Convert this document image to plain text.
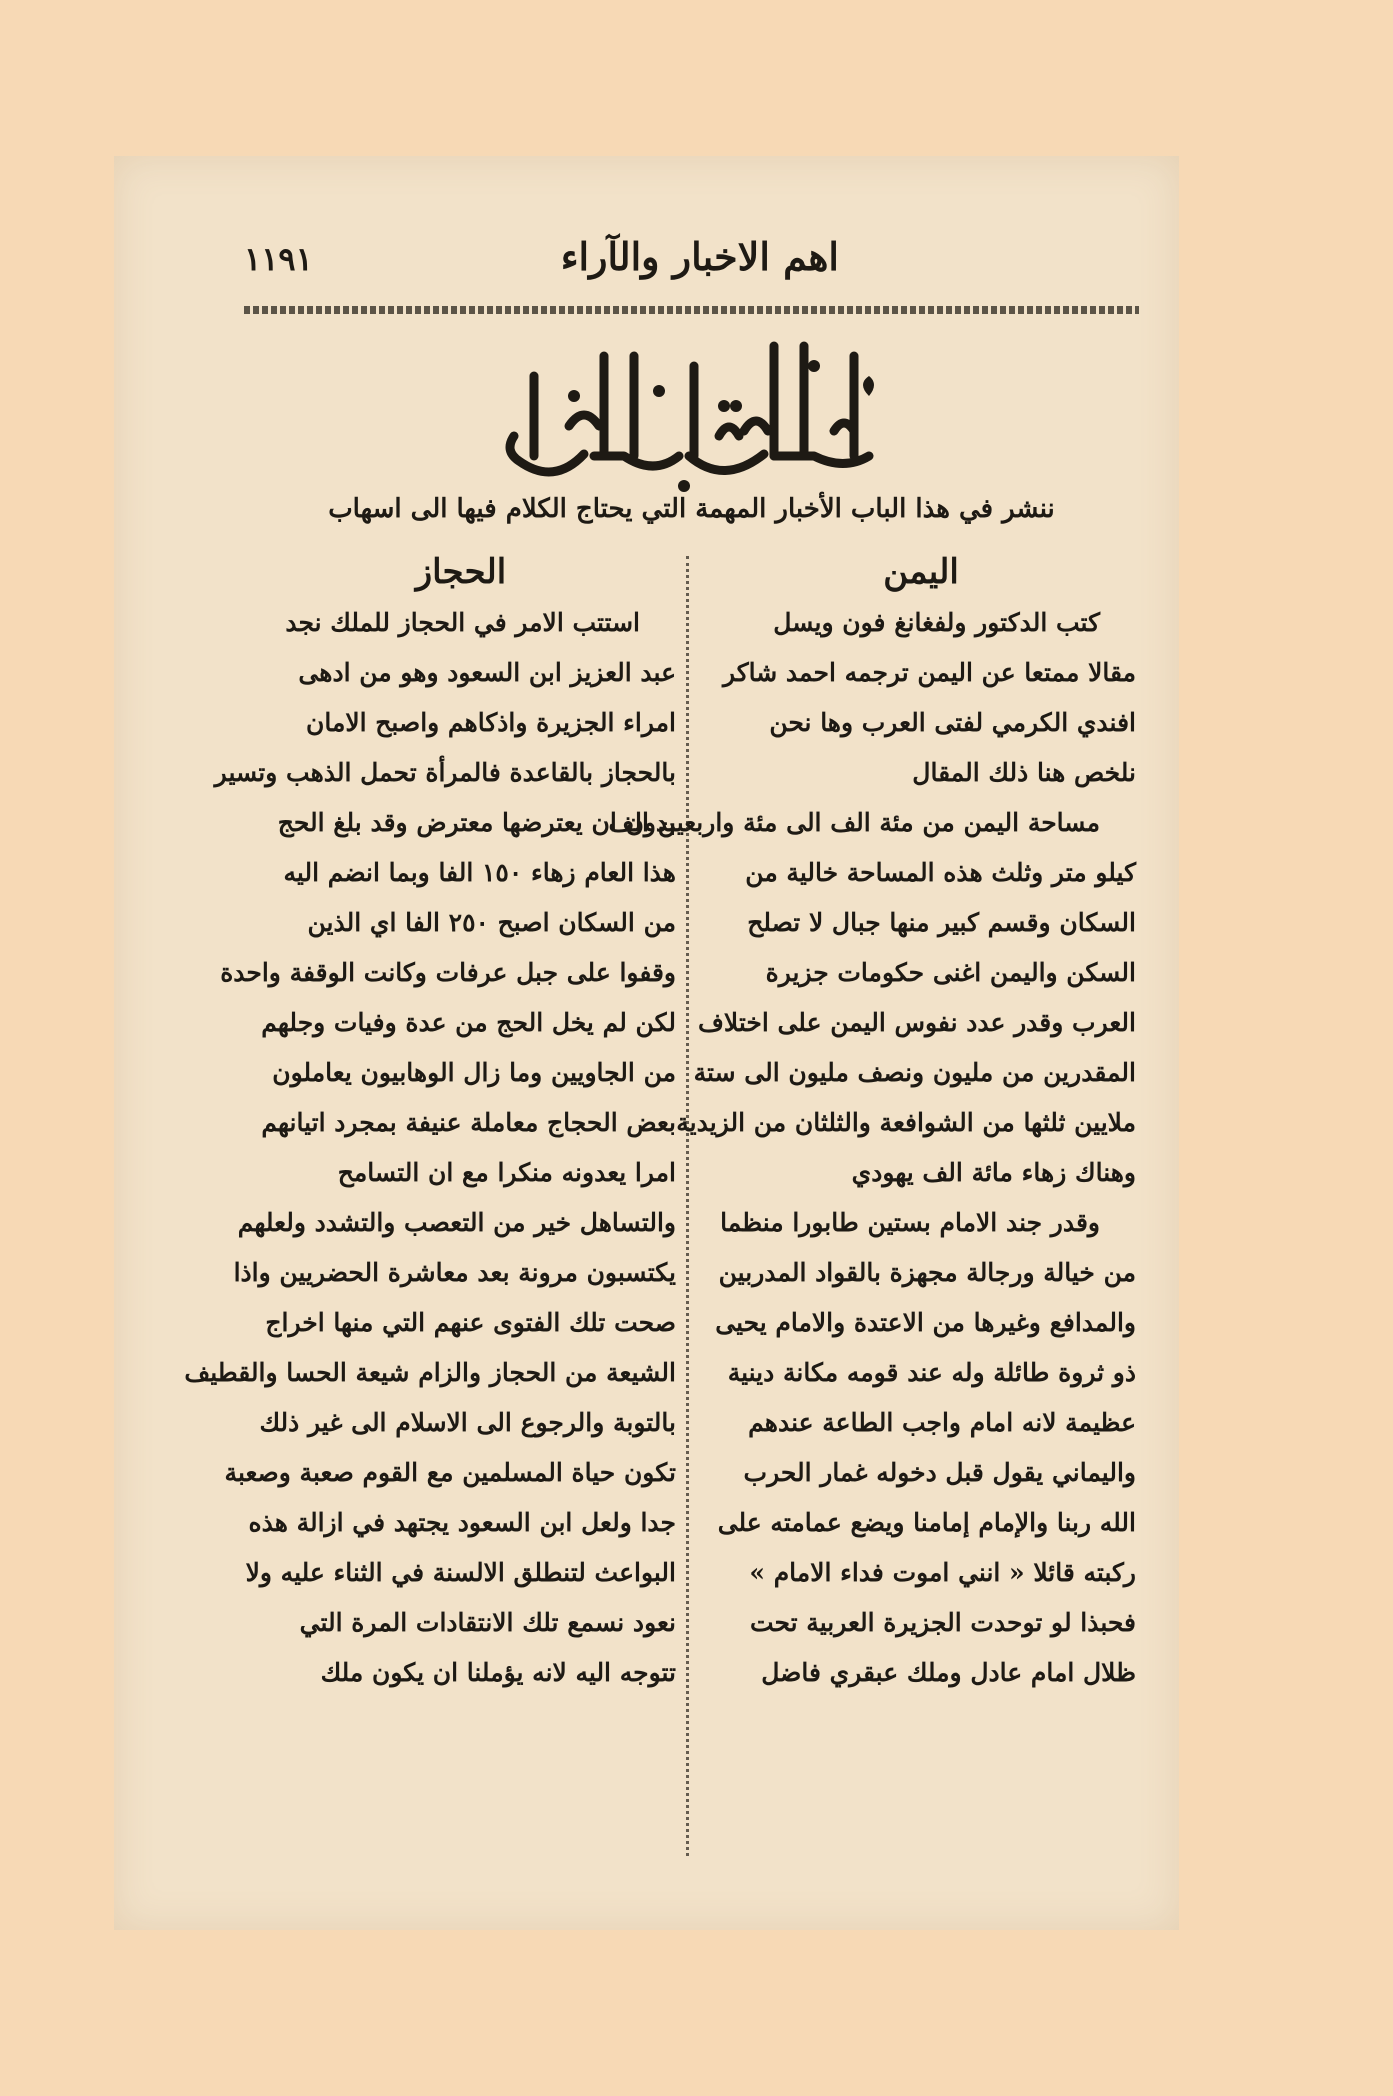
اهم الاخبار والآراء
١١٩١
ننشر في هذا الباب الأخبار المهمة التي يحتاج الكلام فيها الى اسهاب
اليمن
كتب الدكتور ولفغانغ فون ويسل
مقالا ممتعا عن اليمن ترجمه احمد شاكر
افندي الكرمي لفتى العرب وها نحن
نلخص هنا ذلك المقال
مساحة اليمن من مئة الف الى مئة واربعين الف
كيلو متر وثلث هذه المساحة خالية من
السكان وقسم كبير منها جبال لا تصلح
السكن واليمن اغنى حكومات جزيرة
العرب وقدر عدد نفوس اليمن على اختلاف
المقدرين من مليون ونصف مليون الى ستة
ملايين ثلثها من الشوافعة والثلثان من الزيدية
وهناك زهاء مائة الف يهودي
وقدر جند الامام بستين طابورا منظما
من خيالة ورجالة مجهزة بالقواد المدربين
والمدافع وغيرها من الاعتدة والامام يحيى
ذو ثروة طائلة وله عند قومه مكانة دينية
عظيمة لانه امام واجب الطاعة عندهم
واليماني يقول قبل دخوله غمار الحرب
الله ربنا والإمام إمامنا ويضع عمامته على
ركبته قائلا « انني اموت فداء الامام »
فحبذا لو توحدت الجزيرة العربية تحت
ظلال امام عادل وملك عبقري فاضل
الحجاز
استتب الامر في الحجاز للملك نجد
عبد العزيز ابن السعود وهو من ادهى
امراء الجزيرة واذكاهم واصبح الامان
بالحجاز بالقاعدة فالمرأة تحمل الذهب وتسير
بدون ان يعترضها معترض وقد بلغ الحج
هذا العام زهاء ١٥٠ الفا وبما انضم اليه
من السكان اصبح ٢٥٠ الفا اي الذين
وقفوا على جبل عرفات وكانت الوقفة واحدة
لكن لم يخل الحج من عدة وفيات وجلهم
من الجاويين وما زال الوهابيون يعاملون
بعض الحجاج معاملة عنيفة بمجرد اتيانهم
امرا يعدونه منكرا مع ان التسامح
والتساهل خير من التعصب والتشدد ولعلهم
يكتسبون مرونة بعد معاشرة الحضريين واذا
صحت تلك الفتوى عنهم التي منها اخراج
الشيعة من الحجاز والزام شيعة الحسا والقطيف
بالتوبة والرجوع الى الاسلام الى غير ذلك
تكون حياة المسلمين مع القوم صعبة وصعبة
جدا ولعل ابن السعود يجتهد في ازالة هذه
البواعث لتنطلق الالسنة في الثناء عليه ولا
نعود نسمع تلك الانتقادات المرة التي
تتوجه اليه لانه يؤملنا ان يكون ملك
